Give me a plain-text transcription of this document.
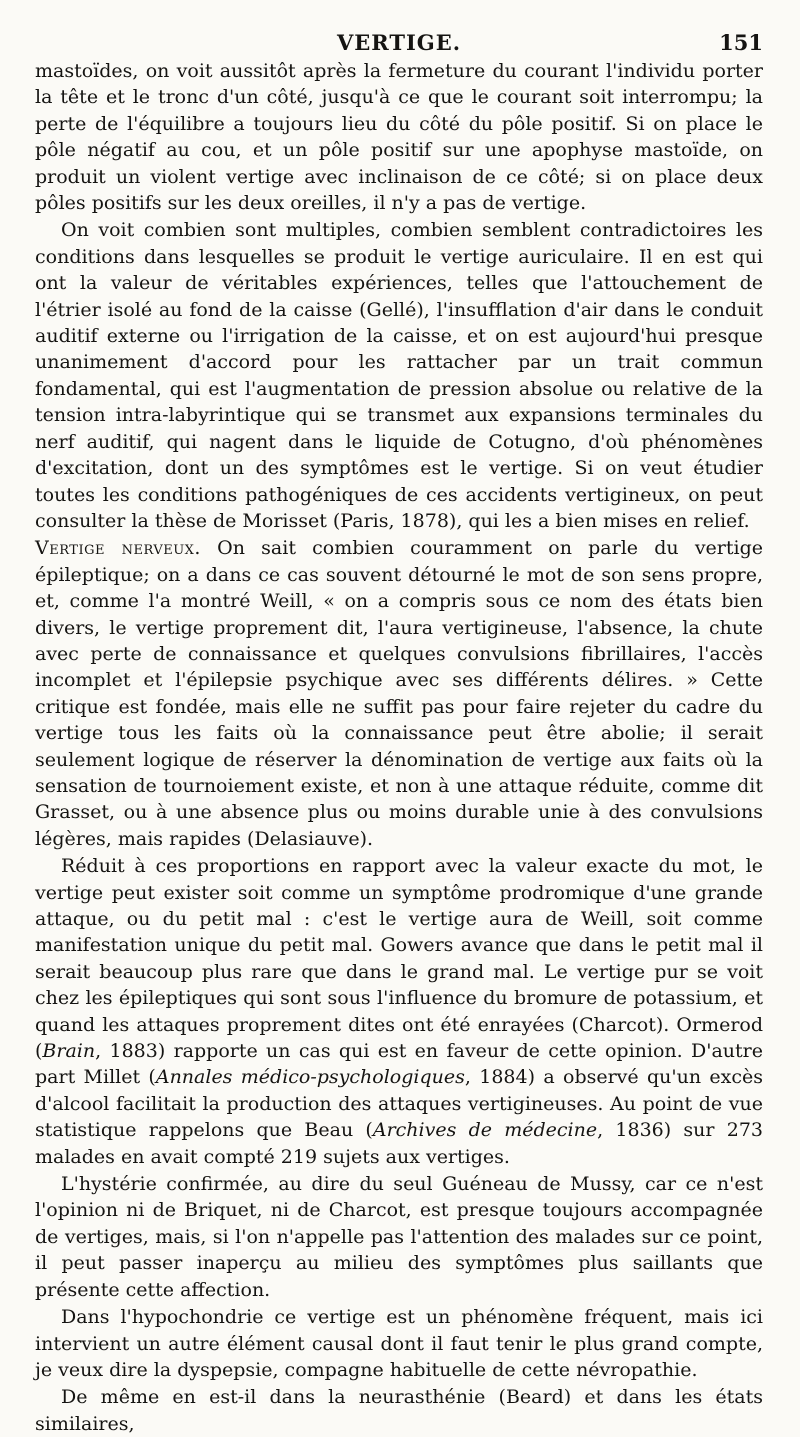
VERTIGE.	151

mastoïdes, on voit aussitôt après la fermeture du courant l'individu porter la tête et le tronc d'un côté, jusqu'à ce que le courant soit interrompu; la perte de l'équilibre a toujours lieu du côté du pôle positif. Si on place le pôle négatif au cou, et un pôle positif sur une apophyse mastoïde, on produit un violent vertige avec inclinaison de ce côté; si on place deux pôles positifs sur les deux oreilles, il n'y a pas de vertige.

On voit combien sont multiples, combien semblent contradictoires les conditions dans lesquelles se produit le vertige auriculaire. Il en est qui ont la valeur de véritables expériences, telles que l'attouchement de l'étrier isolé au fond de la caisse (Gellé), l'insufflation d'air dans le conduit auditif externe ou l'irrigation de la caisse, et on est aujourd'hui presque unanimement d'accord pour les rattacher par un trait commun fondamental, qui est l'augmentation de pression absolue ou relative de la tension intra-labyrintique qui se transmet aux expansions terminales du nerf auditif, qui nagent dans le liquide de Cotugno, d'où phénomènes d'excitation, dont un des symptômes est le vertige. Si on veut étudier toutes les conditions pathogéniques de ces accidents vertigineux, on peut consulter la thèse de Morisset (Paris, 1878), qui les a bien mises en relief.

Vertige nerveux. On sait combien couramment on parle du vertige épileptique; on a dans ce cas souvent détourné le mot de son sens propre, et, comme l'a montré Weill, « on a compris sous ce nom des états bien divers, le vertige proprement dit, l'aura vertigineuse, l'absence, la chute avec perte de connaissance et quelques convulsions fibrillaires, l'accès incomplet et l'épilepsie psychique avec ses différents délires. » Cette critique est fondée, mais elle ne suffit pas pour faire rejeter du cadre du vertige tous les faits où la connaissance peut être abolie; il serait seulement logique de réserver la dénomination de vertige aux faits où la sensation de tournoiement existe, et non à une attaque réduite, comme dit Grasset, ou à une absence plus ou moins durable unie à des convulsions légères, mais rapides (Delasiauve).

Réduit à ces proportions en rapport avec la valeur exacte du mot, le vertige peut exister soit comme un symptôme prodromique d'une grande attaque, ou du petit mal : c'est le vertige aura de Weill, soit comme manifestation unique du petit mal. Gowers avance que dans le petit mal il serait beaucoup plus rare que dans le grand mal. Le vertige pur se voit chez les épileptiques qui sont sous l'influence du bromure de potassium, et quand les attaques proprement dites ont été enrayées (Charcot). Ormerod (Brain, 1883) rapporte un cas qui est en faveur de cette opinion. D'autre part Millet (Annales médico-psychologiques, 1884) a observé qu'un excès d'alcool facilitait la production des attaques vertigineuses. Au point de vue statistique rappelons que Beau (Archives de médecine, 1836) sur 273 malades en avait compté 219 sujets aux vertiges.

L'hystérie confirmée, au dire du seul Guéneau de Mussy, car ce n'est l'opinion ni de Briquet, ni de Charcot, est presque toujours accompagnée de vertiges, mais, si l'on n'appelle pas l'attention des malades sur ce point, il peut passer inaperçu au milieu des symptômes plus saillants que présente cette affection.

Dans l'hypochondrie ce vertige est un phénomène fréquent, mais ici intervient un autre élément causal dont il faut tenir le plus grand compte, je veux dire la dyspepsie, compagne habituelle de cette névropathie.

De même en est-il dans la neurasthénie (Beard) et dans les états similaires,
